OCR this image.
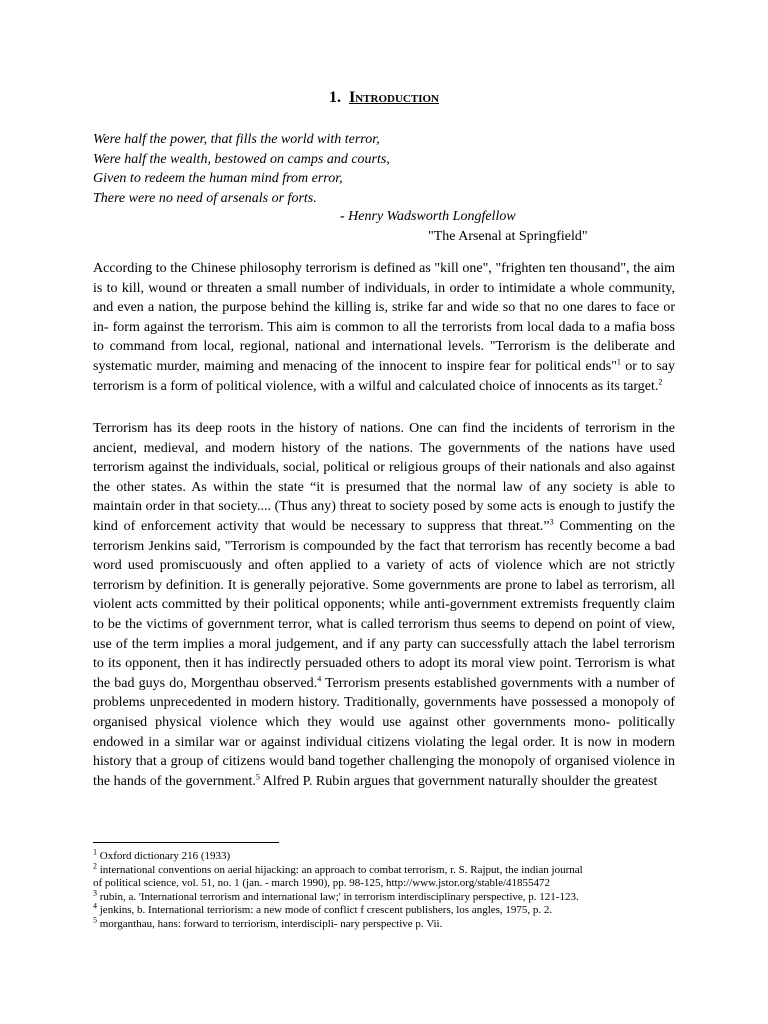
1. Introduction
Were half the power, that fills the world with terror,
Were half the wealth, bestowed on camps and courts,
Given to redeem the human mind from error,
There were no need of arsenals or forts.
- Henry Wadsworth Longfellow
"The Arsenal at Springfield"

According to the Chinese philosophy terrorism is defined as "kill one", "frighten ten thousand", the aim is to kill, wound or threaten a small number of individuals, in order to intimidate a whole community, and even a nation, the purpose behind the killing is, strike far and wide so that no one dares to face or in- form against the terrorism. This aim is common to all the terrorists from local dada to a mafia boss to command from local, regional, national and international levels. "Terrorism is the deliberate and systematic murder, maiming and menacing of the innocent to inspire fear for political ends"$^1$ or to say terrorism is a form of political violence, with a wilful and calculated choice of innocents as its target.$^2$

Terrorism has its deep roots in the history of nations. One can find the incidents of terrorism in the ancient, medieval, and modern history of the nations. The governments of the nations have used terrorism against the individuals, social, political or religious groups of their nationals and also against the other states. As within the state “it is presumed that the normal law of any society is able to maintain order in that society.... (Thus any) threat to society posed by some acts is enough to justify the kind of enforcement activity that would be necessary to suppress that threat.”$^3$ Commenting on the terrorism Jenkins said, "Terrorism is compounded by the fact that terrorism has recently become a bad word used promiscuously and often applied to a variety of acts of violence which are not strictly terrorism by definition. It is generally pejorative. Some governments are prone to label as terrorism, all violent acts committed by their political opponents; while anti-government extremists frequently claim to be the victims of government terror, what is called terrorism thus seems to depend on point of view, use of the term implies a moral judgement, and if any party can successfully attach the label terrorism to its opponent, then it has indirectly persuaded others to adopt its moral view point. Terrorism is what the bad guys do, Morgenthau observed.$^4$ Terrorism presents established governments with a number of problems unprecedented in modern history. Traditionally, governments have possessed a monopoly of organised physical violence which they would use against other governments mono- politically endowed in a similar war or against individual citizens violating the legal order. It is now in modern history that a group of citizens would band together challenging the monopoly of organised violence in the hands of the government.$^5$ Alfred P. Rubin argues that government naturally shoulder the greatest

$^1$ Oxford dictionary 216 (1933)
$^2$ international conventions on aerial hijacking: an approach to combat terrorism, r. S. Rajput, the indian journal
of political science, vol. 51, no. 1 (jan. - march 1990), pp. 98-125, http://www.jstor.org/stable/41855472
$^3$ rubin, a. 'International terrorism and international law;' in terrorism interdisciplinary perspective, p. 121-123.
$^4$ jenkins, b. International terriorism: a new mode of conflict f crescent publishers, los angles, 1975, p. 2.
$^5$ morganthau, hans: forward to terriorism, interdiscipli- nary perspective p. Vii.
